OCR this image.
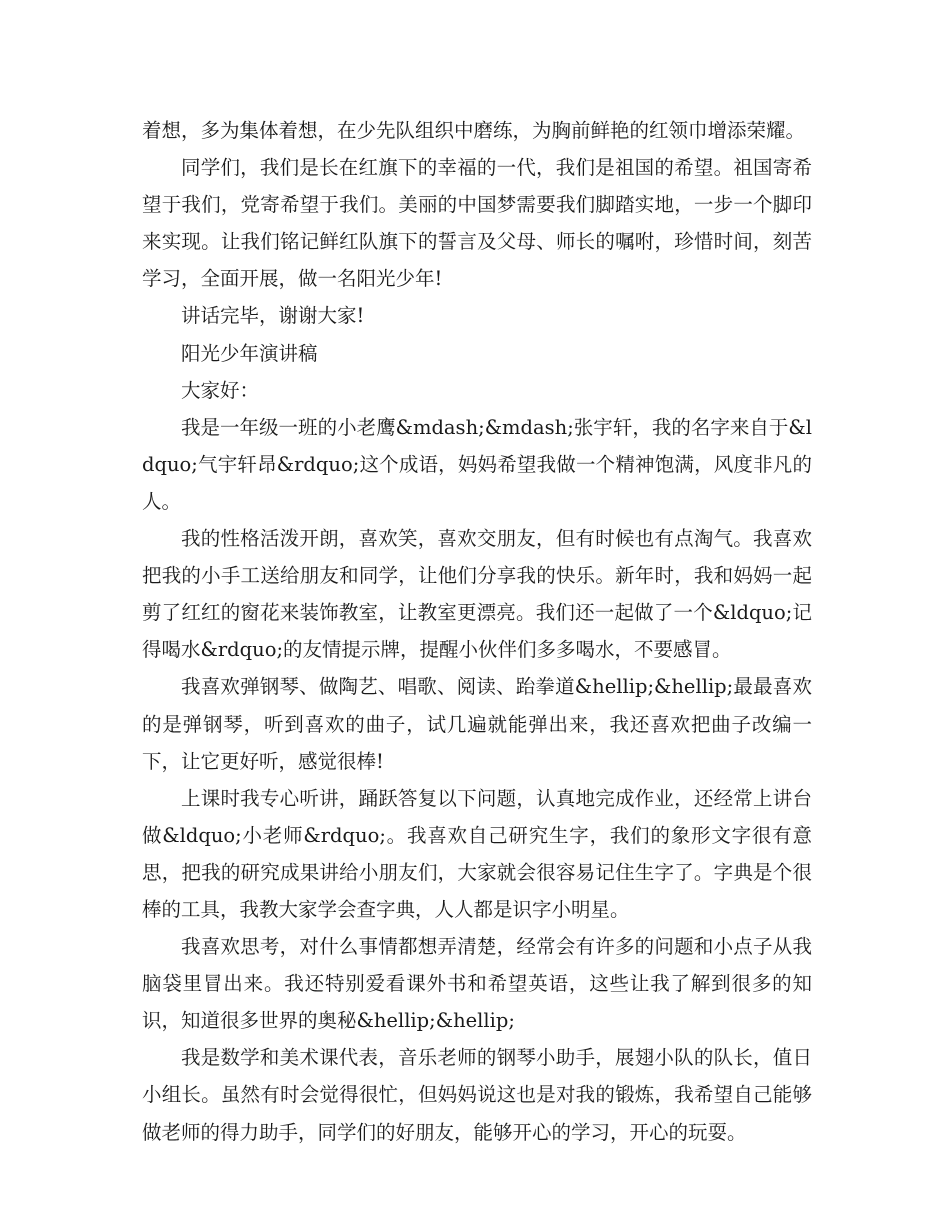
着想，多为集体着想，在少先队组织中磨练，为胸前鲜艳的红领巾增添荣耀。

同学们，我们是长在红旗下的幸福的一代，我们是祖国的希望。祖国寄希望于我们，党寄希望于我们。美丽的中国梦需要我们脚踏实地，一步一个脚印来实现。让我们铭记鲜红队旗下的誓言及父母、师长的嘱咐，珍惜时间，刻苦学习，全面开展，做一名阳光少年!

讲话完毕，谢谢大家!

阳光少年演讲稿

大家好：

我是一年级一班的小老鹰&mdash;&mdash;张宇轩，我的名字来自于&ldquo;气宇轩昂&rdquo;这个成语，妈妈希望我做一个精神饱满，风度非凡的人。

我的性格活泼开朗，喜欢笑，喜欢交朋友，但有时候也有点淘气。我喜欢把我的小手工送给朋友和同学，让他们分享我的快乐。新年时，我和妈妈一起剪了红红的窗花来装饰教室，让教室更漂亮。我们还一起做了一个&ldquo;记得喝水&rdquo;的友情提示牌，提醒小伙伴们多多喝水，不要感冒。

我喜欢弹钢琴、做陶艺、唱歌、阅读、跆拳道&hellip;&hellip;最最喜欢的是弹钢琴，听到喜欢的曲子，试几遍就能弹出来，我还喜欢把曲子改编一下，让它更好听，感觉很棒!

上课时我专心听讲，踊跃答复以下问题，认真地完成作业，还经常上讲台做&ldquo;小老师&rdquo;。我喜欢自己研究生字，我们的象形文字很有意思，把我的研究成果讲给小朋友们，大家就会很容易记住生字了。字典是个很棒的工具，我教大家学会查字典，人人都是识字小明星。

我喜欢思考，对什么事情都想弄清楚，经常会有许多的问题和小点子从我脑袋里冒出来。我还特别爱看课外书和希望英语，这些让我了解到很多的知识，知道很多世界的奥秘&hellip;&hellip;

我是数学和美术课代表，音乐老师的钢琴小助手，展翅小队的队长，值日小组长。虽然有时会觉得很忙，但妈妈说这也是对我的锻炼，我希望自己能够做老师的得力助手，同学们的好朋友，能够开心的学习，开心的玩耍。
